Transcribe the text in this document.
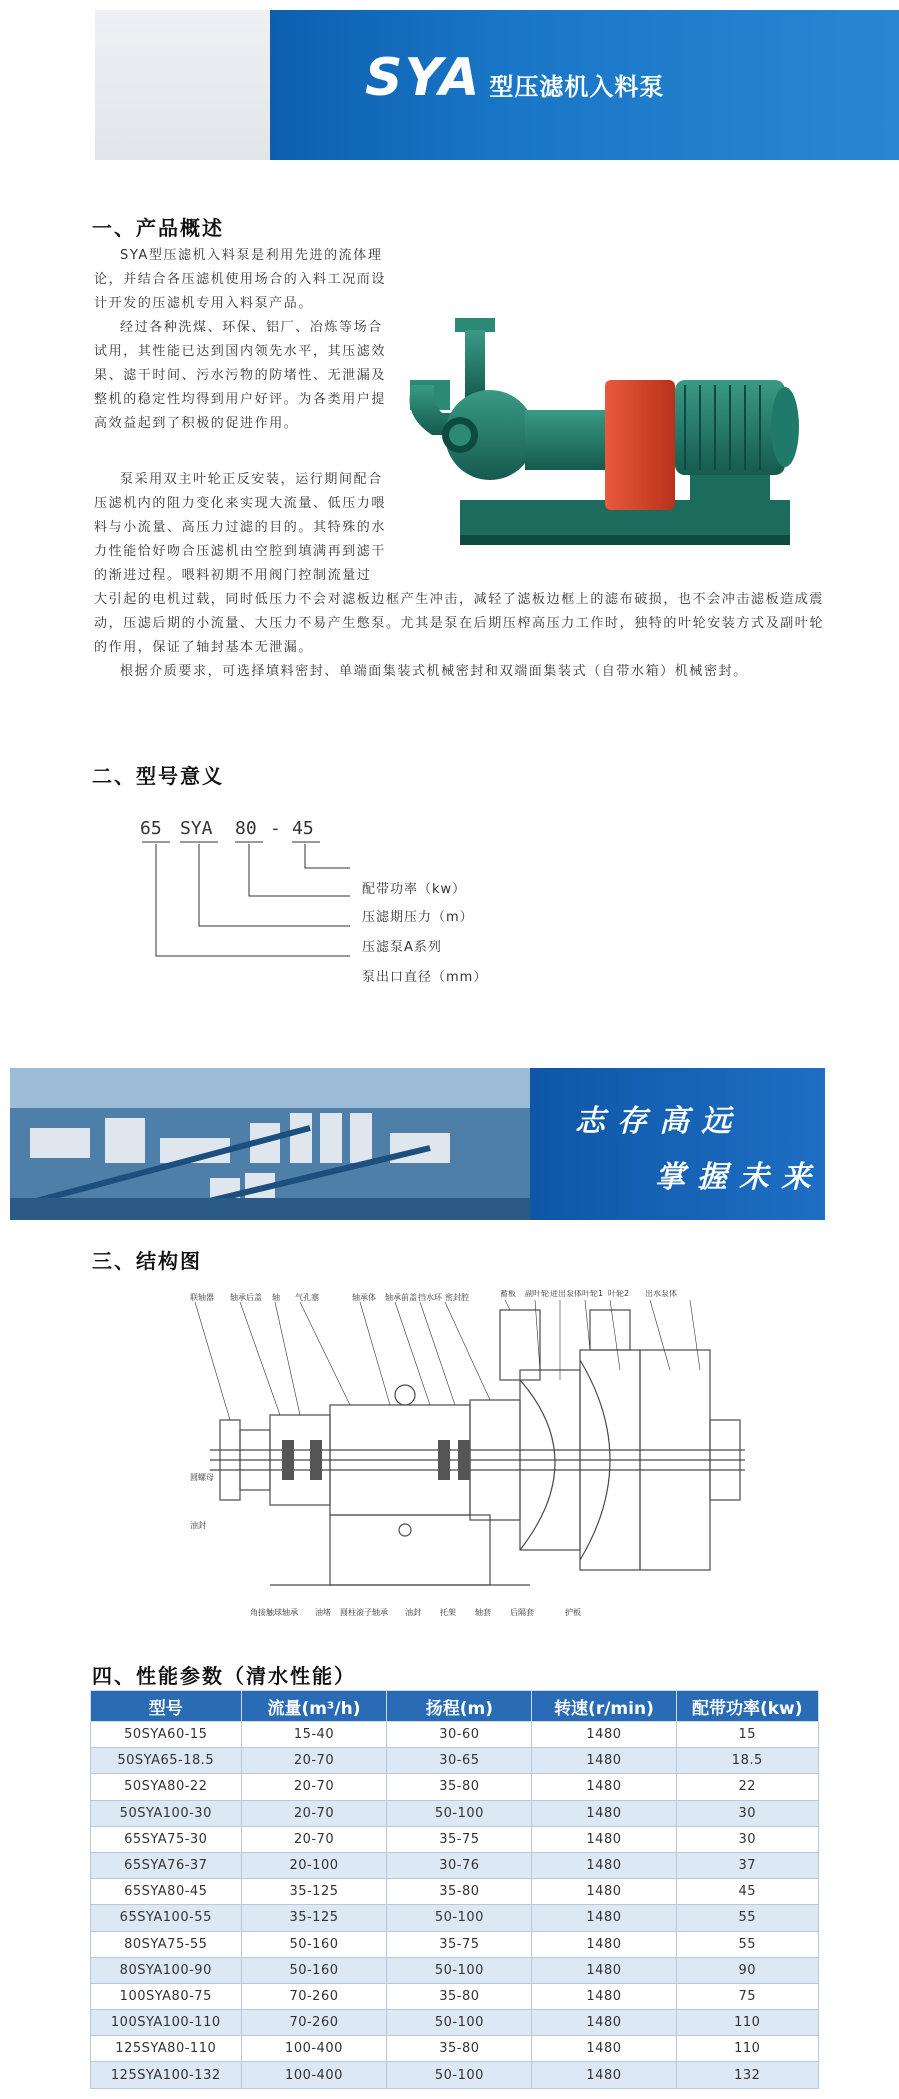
SYA 型压滤机入料泵
一、产品概述

SYA型压滤机入料泵是利用先进的流体理论，并结合各压滤机使用场合的入料工况而设计开发的压滤机专用入料泵产品。

经过各种洗煤、环保、铝厂、冶炼等场合试用，其性能已达到国内领先水平，其压滤效果、滤干时间、污水污物的防堵性、无泄漏及整机的稳定性均得到用户好评。为各类用户提高效益起到了积极的促进作用。

泵采用双主叶轮正反安装，运行期间配合
压滤机内的阻力变化来实现大流量、低压力喂
料与小流量、高压力过滤的目的。其特殊的水
力性能恰好吻合压滤机由空腔到填满再到滤干
的渐进过程。喂料初期不用阀门控制流量过
大引起的电机过载，同时低压力不会对滤板边框产生冲击，减轻了滤板边框上的滤布破损，也不会冲击滤板造成震
动，压滤后期的小流量、大压力不易产生憋泵。尤其是泵在后期压榨高压力工作时，独特的叶轮安装方式及副叶轮
的作用，保证了轴封基本无泄漏。
根据介质要求，可选择填料密封、单端面集装式机械密封和双端面集装式（自带水箱）机械密封。
二、型号意义
65 SYA 80 - 45
配带功率（kw）
压滤期压力（m）
压滤泵A系列
泵出口直径（mm）
志存高远
掌握未来
三、结构图
联轴器 轴承后盖 轴 气孔塞	轴承体 轴承前盖 挡水环 密封腔	蓄板 副叶轮 进出泵体 叶轮1 叶轮2 出水泵体
圆螺母
油封
角接触球轴承 油堵 圆柱滚子轴承 油封 托架 轴套 后隔套	护板
四、性能参数（清水性能）
型号	流量(m³/h)	扬程(m)	转速(r/min)	配带功率(kw)
50SYA60-15	15-40	30-60	1480	15
50SYA65-18.5	20-70	30-65	1480	18.5
50SYA80-22	20-70	35-80	1480	22
50SYA100-30	20-70	50-100	1480	30
65SYA75-30	20-70	35-75	1480	30
65SYA76-37	20-100	30-76	1480	37
65SYA80-45	35-125	35-80	1480	45
65SYA100-55	35-125	50-100	1480	55
80SYA75-55	50-160	35-75	1480	55
80SYA100-90	50-160	50-100	1480	90
100SYA80-75	70-260	35-80	1480	75
100SYA100-110	70-260	50-100	1480	110
125SYA80-110	100-400	35-80	1480	110
125SYA100-132	100-400	50-100	1480	132
